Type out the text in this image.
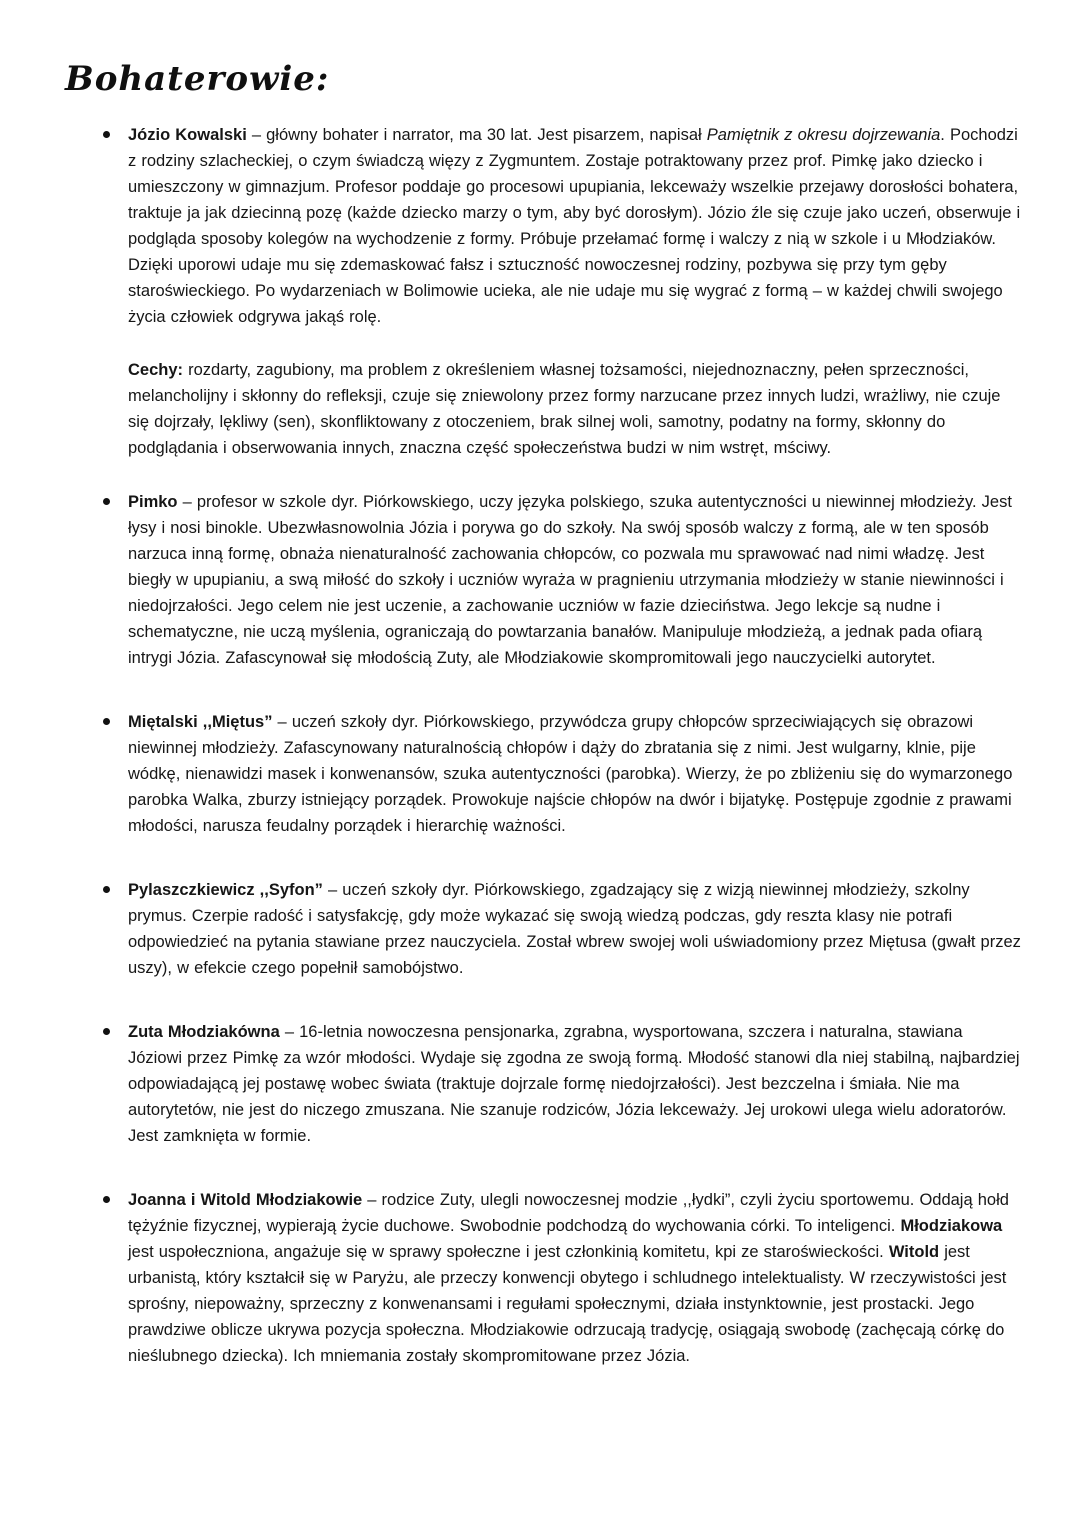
Bohaterowie:

Józio Kowalski – główny bohater i narrator, ma 30 lat. Jest pisarzem, napisał Pamiętnik z okresu dojrzewania. Pochodzi z rodziny szlacheckiej, o czym świadczą więzy z Zygmuntem. Zostaje potraktowany przez prof. Pimkę jako dziecko i umieszczony w gimnazjum. Profesor poddaje go procesowi upupiania, lekceważy wszelkie przejawy dorosłości bohatera, traktuje ja jak dziecinną pozę (każde dziecko marzy o tym, aby być dorosłym). Józio źle się czuje jako uczeń, obserwuje i podgląda sposoby kolegów na wychodzenie z formy. Próbuje przełamać formę i walczy z nią w szkole i u Młodziaków. Dzięki uporowi udaje mu się zdemaskować fałsz i sztuczność nowoczesnej rodziny, pozbywa się przy tym gęby staroświeckiego. Po wydarzeniach w Bolimowie ucieka, ale nie udaje mu się wygrać z formą – w każdej chwili swojego życia człowiek odgrywa jakąś rolę.

Cechy: rozdarty, zagubiony, ma problem z określeniem własnej tożsamości, niejednoznaczny, pełen sprzeczności, melancholijny i skłonny do refleksji, czuje się zniewolony przez formy narzucane przez innych ludzi, wrażliwy, nie czuje się dojrzały, lękliwy (sen), skonfliktowany z otoczeniem, brak silnej woli, samotny, podatny na formy, skłonny do podglądania i obserwowania innych, znaczna część społeczeństwa budzi w nim wstręt, mściwy.

Pimko – profesor w szkole dyr. Piórkowskiego, uczy języka polskiego, szuka autentyczności u niewinnej młodzieży. Jest łysy i nosi binokle. Ubezwłasnowolnia Józia i porywa go do szkoły. Na swój sposób walczy z formą, ale w ten sposób narzuca inną formę, obnaża nienaturalność zachowania chłopców, co pozwala mu sprawować nad nimi władzę. Jest biegły w upupianiu, a swą miłość do szkoły i uczniów wyraża w pragnieniu utrzymania młodzieży w stanie niewinności i niedojrzałości. Jego celem nie jest uczenie, a zachowanie uczniów w fazie dzieciństwa. Jego lekcje są nudne i schematyczne, nie uczą myślenia, ograniczają do powtarzania banałów. Manipuluje młodzieżą, a jednak pada ofiarą intrygi Józia. Zafascynował się młodością Zuty, ale Młodziakowie skompromitowali jego nauczycielki autorytet.

Miętalski ,,Miętus” – uczeń szkoły dyr. Piórkowskiego, przywódcza grupy chłopców sprzeciwiających się obrazowi niewinnej młodzieży. Zafascynowany naturalnością chłopów i dąży do zbratania się z nimi. Jest wulgarny, klnie, pije wódkę, nienawidzi masek i konwenansów, szuka autentyczności (parobka). Wierzy, że po zbliżeniu się do wymarzonego parobka Walka, zburzy istniejący porządek. Prowokuje najście chłopów na dwór i bijatykę. Postępuje zgodnie z prawami młodości, narusza feudalny porządek i hierarchię ważności.

Pylaszczkiewicz ,,Syfon” – uczeń szkoły dyr. Piórkowskiego, zgadzający się z wizją niewinnej młodzieży, szkolny prymus. Czerpie radość i satysfakcję, gdy może wykazać się swoją wiedzą podczas, gdy reszta klasy nie potrafi odpowiedzieć na pytania stawiane przez nauczyciela. Został wbrew swojej woli uświadomiony przez Miętusa (gwałt przez uszy), w efekcie czego popełnił samobójstwo.

Zuta Młodziakówna – 16-letnia nowoczesna pensjonarka, zgrabna, wysportowana, szczera i naturalna, stawiana Józiowi przez Pimkę za wzór młodości. Wydaje się zgodna ze swoją formą. Młodość stanowi dla niej stabilną, najbardziej odpowiadającą jej postawę wobec świata (traktuje dojrzale formę niedojrzałości). Jest bezczelna i śmiała. Nie ma autorytetów, nie jest do niczego zmuszana. Nie szanuje rodziców, Józia lekceważy. Jej urokowi ulega wielu adoratorów. Jest zamknięta w formie.

Joanna i Witold Młodziakowie – rodzice Zuty, ulegli nowoczesnej modzie ,,łydki”, czyli życiu sportowemu. Oddają hołd tężyźnie fizycznej, wypierają życie duchowe. Swobodnie podchodzą do wychowania córki. To inteligenci. Młodziakowa jest uspołeczniona, angażuje się w sprawy społeczne i jest członkinią komitetu, kpi ze staroświeckości. Witold jest urbanistą, który kształcił się w Paryżu, ale przeczy konwencji obytego i schludnego intelektualisty. W rzeczywistości jest sprośny, niepoważny, sprzeczny z konwenansami i regułami społecznymi, działa instynktownie, jest prostacki. Jego prawdziwe oblicze ukrywa pozycja społeczna. Młodziakowie odrzucają tradycję, osiągają swobodę (zachęcają córkę do nieślubnego dziecka). Ich mniemania zostały skompromitowane przez Józia.
